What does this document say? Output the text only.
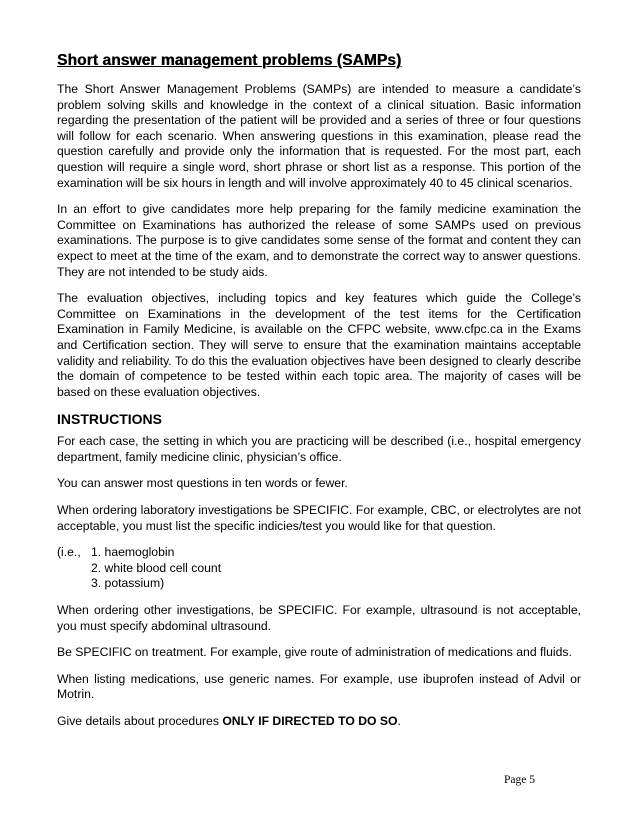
Short answer management problems (SAMPs)

The Short Answer Management Problems (SAMPs) are intended to measure a candidate’s problem solving skills and knowledge in the context of a clinical situation. Basic information regarding the presentation of the patient will be provided and a series of three or four questions will follow for each scenario. When answering questions in this examination, please read the question carefully and provide only the information that is requested. For the most part, each question will require a single word, short phrase or short list as a response. This portion of the examination will be six hours in length and will involve approximately 40 to 45 clinical scenarios.

In an effort to give candidates more help preparing for the family medicine examination the Committee on Examinations has authorized the release of some SAMPs used on previous examinations. The purpose is to give candidates some sense of the format and content they can expect to meet at the time of the exam, and to demonstrate the correct way to answer questions. They are not intended to be study aids.

The evaluation objectives, including topics and key features which guide the College’s Committee on Examinations in the development of the test items for the Certification Examination in Family Medicine, is available on the CFPC website, www.cfpc.ca in the Exams and Certification section. They will serve to ensure that the examination maintains acceptable validity and reliability. To do this the evaluation objectives have been designed to clearly describe the domain of competence to be tested within each topic area. The majority of cases will be based on these evaluation objectives.

INSTRUCTIONS

For each case, the setting in which you are practicing will be described (i.e., hospital emergency department, family medicine clinic, physician’s office.

You can answer most questions in ten words or fewer.

When ordering laboratory investigations be SPECIFIC. For example, CBC, or electrolytes are not acceptable, you must list the specific indicies/test you would like for that question.

(i.e., 1. haemoglobin
2. white blood cell count
3. potassium)

When ordering other investigations, be SPECIFIC. For example, ultrasound is not acceptable, you must specify abdominal ultrasound.

Be SPECIFIC on treatment. For example, give route of administration of medications and fluids.

When listing medications, use generic names. For example, use ibuprofen instead of Advil or Motrin.

Give details about procedures ONLY IF DIRECTED TO DO SO.

Page 5
